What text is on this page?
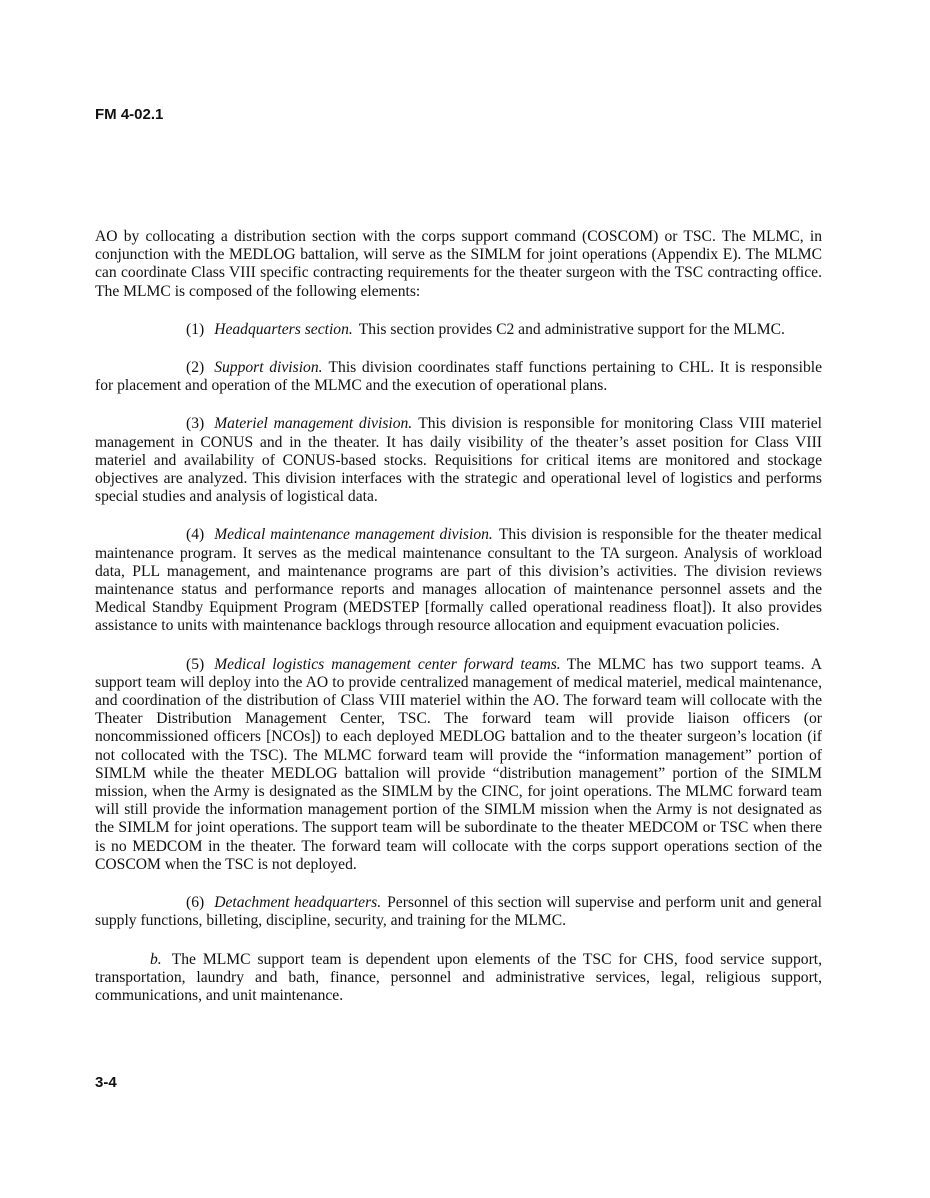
FM 4-02.1

AO by collocating a distribution section with the corps support command (COSCOM) or TSC. The MLMC, in conjunction with the MEDLOG battalion, will serve as the SIMLM for joint operations (Appendix E). The MLMC can coordinate Class VIII specific contracting requirements for the theater surgeon with the TSC contracting office. The MLMC is composed of the following elements:

(1) Headquarters section. This section provides C2 and administrative support for the MLMC.

(2) Support division. This division coordinates staff functions pertaining to CHL. It is responsible for placement and operation of the MLMC and the execution of operational plans.

(3) Materiel management division. This division is responsible for monitoring Class VIII materiel management in CONUS and in the theater. It has daily visibility of the theater’s asset position for Class VIII materiel and availability of CONUS-based stocks. Requisitions for critical items are monitored and stockage objectives are analyzed. This division interfaces with the strategic and operational level of logistics and performs special studies and analysis of logistical data.

(4) Medical maintenance management division. This division is responsible for the theater medical maintenance program. It serves as the medical maintenance consultant to the TA surgeon. Analysis of workload data, PLL management, and maintenance programs are part of this division’s activities. The division reviews maintenance status and performance reports and manages allocation of maintenance personnel assets and the Medical Standby Equipment Program (MEDSTEP [formally called operational readiness float]). It also provides assistance to units with maintenance backlogs through resource allocation and equipment evacuation policies.

(5) Medical logistics management center forward teams. The MLMC has two support teams. A support team will deploy into the AO to provide centralized management of medical materiel, medical maintenance, and coordination of the distribution of Class VIII materiel within the AO. The forward team will collocate with the Theater Distribution Management Center, TSC. The forward team will provide liaison officers (or noncommissioned officers [NCOs]) to each deployed MEDLOG battalion and to the theater surgeon’s location (if not collocated with the TSC). The MLMC forward team will provide the “information management” portion of SIMLM while the theater MEDLOG battalion will provide “distribution management” portion of the SIMLM mission, when the Army is designated as the SIMLM by the CINC, for joint operations. The MLMC forward team will still provide the information management portion of the SIMLM mission when the Army is not designated as the SIMLM for joint operations. The support team will be subordinate to the theater MEDCOM or TSC when there is no MEDCOM in the theater. The forward team will collocate with the corps support operations section of the COSCOM when the TSC is not deployed.

(6) Detachment headquarters. Personnel of this section will supervise and perform unit and general supply functions, billeting, discipline, security, and training for the MLMC.

b. The MLMC support team is dependent upon elements of the TSC for CHS, food service support, transportation, laundry and bath, finance, personnel and administrative services, legal, religious support, communications, and unit maintenance.

3-4
